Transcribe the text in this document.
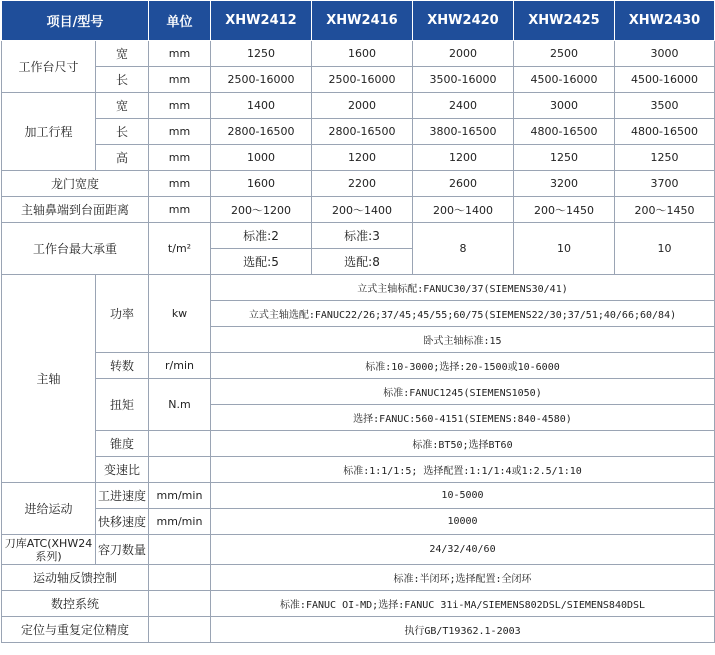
项目/型号		单位	XHW2412	XHW2416	XHW2420	XHW2425	XHW2430
工作台尺寸	宽	mm	1250	1600	2000	2500	3000
	长	mm	2500-16000	2500-16000	3500-16000	4500-16000	4500-16000
加工行程	宽	mm	1400	2000	2400	3000	3500
	长	mm	2800-16500	2800-16500	3800-16500	4800-16500	4800-16500
	高	mm	1000	1200	1200	1250	1250
龙门宽度		mm	1600	2200	2600	3200	3700
主轴鼻端到台面距离		mm	200～1200	200～1400	200～1400	200～1450	200～1450
工作台最大承重		t/m²	标准:2	标准:3	8	10	10
			选配:5	选配:8			
主轴	功率	kw	立式主轴标配:FANUC30/37(SIEMENS30/41)				
			立式主轴选配:FANUC22/26;37/45;45/55;60/75(SIEMENS22/30;37/51;40/66;60/84)				
			卧式主轴标准:15				
	转数	r/min	标准:10-3000;选择:20-1500或10-6000				
	扭矩	N.m	标准:FANUC1245(SIEMENS1050)				
			选择:FANUC:560-4151(SIEMENS:840-4580)				
	锥度		标准:BT50;选择BT60				
	变速比		标准:1:1/1:5; 选择配置:1:1/1:4或1:2.5/1:10				
进给运动	工进速度	mm/min	10-5000				
	快移速度	mm/min	10000				
刀库ATC(XHW24系列)	容刀数量		24/32/40/60				
运动轴反馈控制			标准:半闭环;选择配置:全闭环				
数控系统			标准:FANUC OI-MD;选择:FANUC 31i-MA/SIEMENS802DSL/SIEMENS840DSL				
定位与重复定位精度			执行GB/T19362.1-2003				
